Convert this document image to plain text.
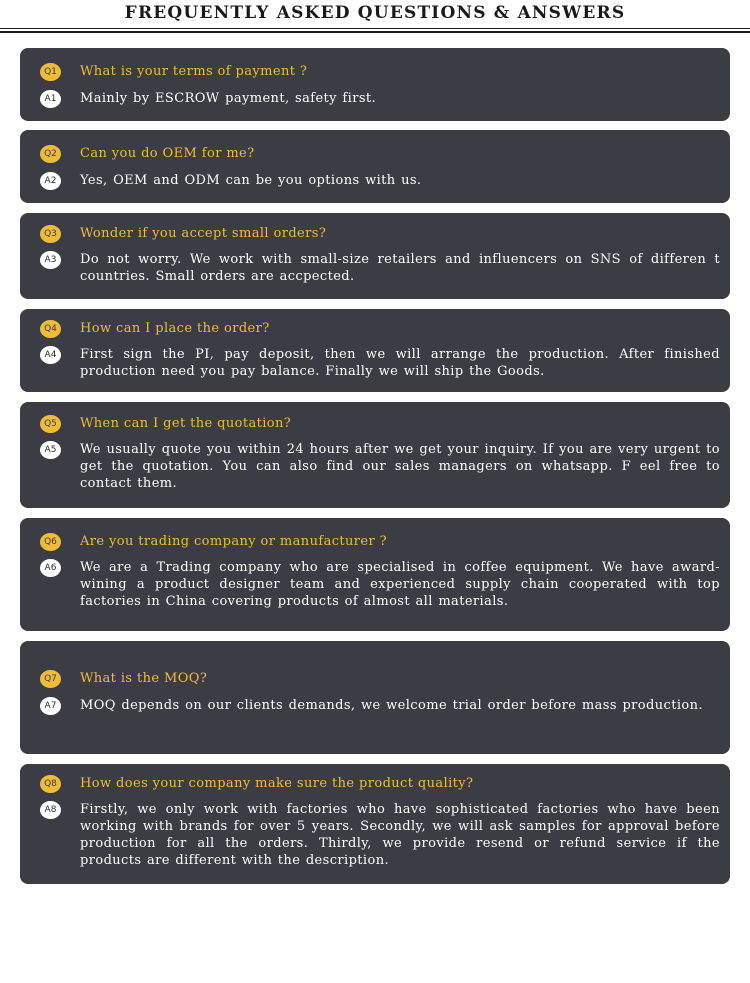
FREQUENTLY ASKED QUESTIONS & ANSWERS
Q1	What is your terms of payment ?
A1	Mainly by ESCROW payment, safety first.
Q2	Can you do OEM for me?
A2	Yes, OEM and ODM can be you options with us.
Q3	Wonder if you accept small orders?
A3	Do not worry. We work with small-size retailers and influencers on SNS of differen t countries. Small orders are accpected.
Q4	How can I place the order?
A4	First sign the PI, pay deposit, then we will arrange the production. After finished production need you pay balance. Finally we will ship the Goods.
Q5	When can I get the quotation?
A5	We usually quote you within 24 hours after we get your inquiry. If you are very urgent to get the quotation. You can also find our sales managers on whatsapp. F eel free to contact them.
Q6	Are you trading company or manufacturer ?
A6	We are a Trading company who are specialised in coffee equipment. We have award-wining a product designer team and experienced supply chain cooperated with top factories in China covering products of almost all materials.
Q7	What is the MOQ?
A7	MOQ depends on our clients demands, we welcome trial order before mass production.
Q8	How does your company make sure the product quality?
A8	Firstly, we only work with factories who have sophisticated factories who have been working with brands for over 5 years. Secondly, we will ask samples for approval before production for all the orders. Thirdly, we provide resend or refund service if the products are different with the description.
